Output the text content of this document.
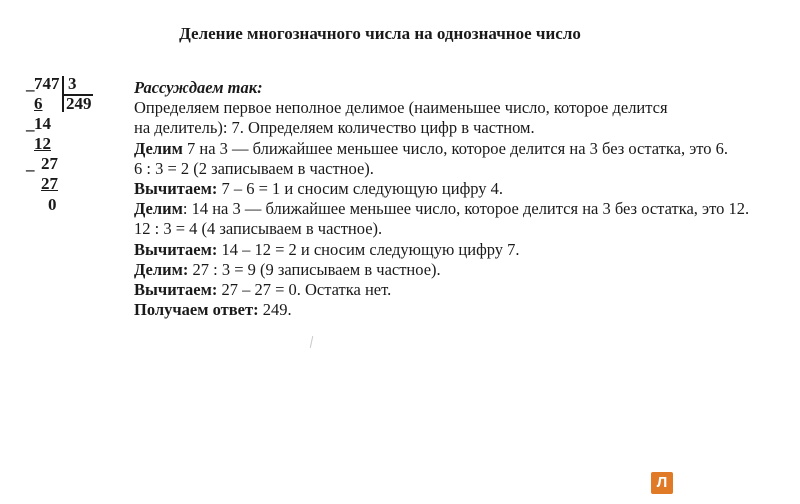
Деление многозначного числа на однозначное число
_ 747 3
6 249
_ 14
12
_ 27
27
0
Рассуждаем так:
Определяем первое неполное делимое (наименьшее число, которое делится
на делитель): 7. Определяем количество цифр в частном.
Делим 7 на 3 — ближайшее меньшее число, которое делится на 3 без остатка, это 6.
6 : 3 = 2 (2 записываем в частное).
Вычитаем: 7 – 6 = 1 и сносим следующую цифру 4.
Делим: 14 на 3 — ближайшее меньшее число, которое делится на 3 без остатка, это 12.
12 : 3 = 4 (4 записываем в частное).
Вычитаем: 14 – 12 = 2 и сносим следующую цифру 7.
Делим: 27 : 3 = 9 (9 записываем в частное).
Вычитаем: 27 – 27 = 0. Остатка нет.
Получаем ответ: 249.
Л
